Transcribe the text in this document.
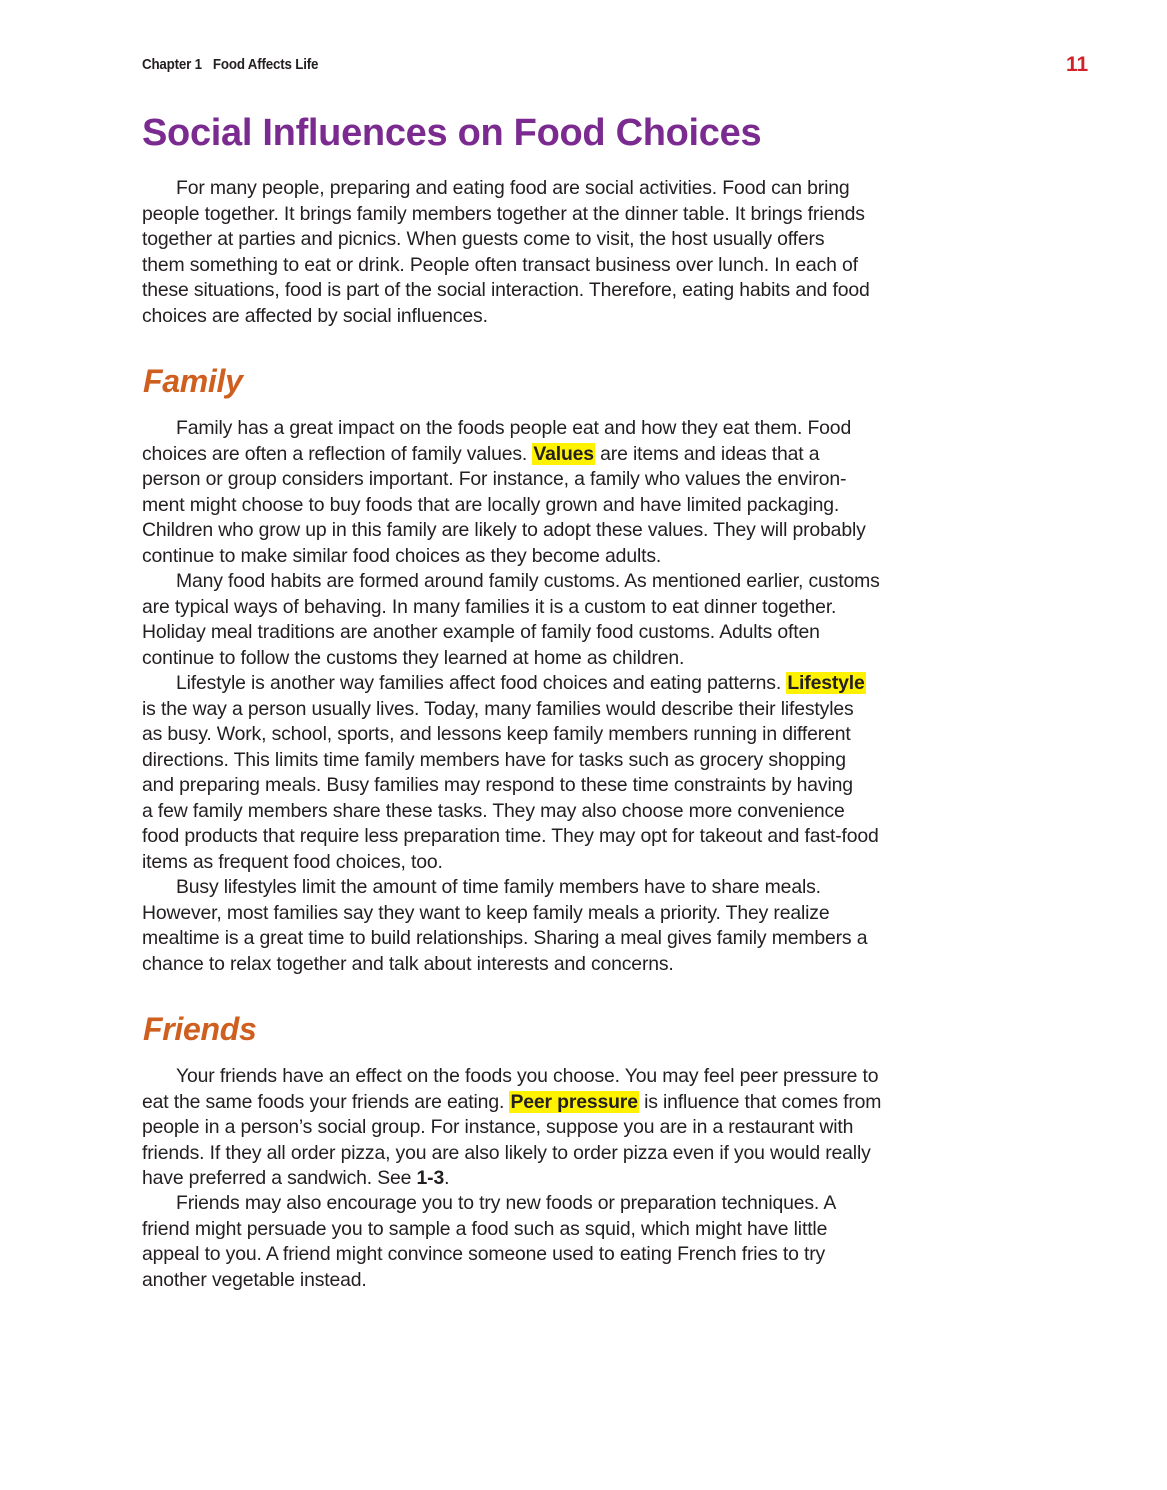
Chapter 1 Food Affects Life	11
Social Influences on Food Choices

For many people, preparing and eating food are social activities. Food can bring
people together. It brings family members together at the dinner table. It brings friends
together at parties and picnics. When guests come to visit, the host usually offers
them something to eat or drink. People often transact business over lunch. In each of
these situations, food is part of the social interaction. Therefore, eating habits and food
choices are affected by social influences.

Family

Family has a great impact on the foods people eat and how they eat them. Food
choices are often a reflection of family values. Values are items and ideas that a
person or group considers important. For instance, a family who values the environ-
ment might choose to buy foods that are locally grown and have limited packaging.
Children who grow up in this family are likely to adopt these values. They will probably
continue to make similar food choices as they become adults.

Many food habits are formed around family customs. As mentioned earlier, customs
are typical ways of behaving. In many families it is a custom to eat dinner together.
Holiday meal traditions are another example of family food customs. Adults often
continue to follow the customs they learned at home as children.

Lifestyle is another way families affect food choices and eating patterns. Lifestyle
is the way a person usually lives. Today, many families would describe their lifestyles
as busy. Work, school, sports, and lessons keep family members running in different
directions. This limits time family members have for tasks such as grocery shopping
and preparing meals. Busy families may respond to these time constraints by having
a few family members share these tasks. They may also choose more convenience
food products that require less preparation time. They may opt for takeout and fast-food
items as frequent food choices, too.

Busy lifestyles limit the amount of time family members have to share meals.
However, most families say they want to keep family meals a priority. They realize
mealtime is a great time to build relationships. Sharing a meal gives family members a
chance to relax together and talk about interests and concerns.

Friends

Your friends have an effect on the foods you choose. You may feel peer pressure to
eat the same foods your friends are eating. Peer pressure is influence that comes from
people in a person’s social group. For instance, suppose you are in a restaurant with
friends. If they all order pizza, you are also likely to order pizza even if you would really
have preferred a sandwich. See 1-3.

Friends may also encourage you to try new foods or preparation techniques. A
friend might persuade you to sample a food such as squid, which might have little
appeal to you. A friend might convince someone used to eating French fries to try
another vegetable instead.
